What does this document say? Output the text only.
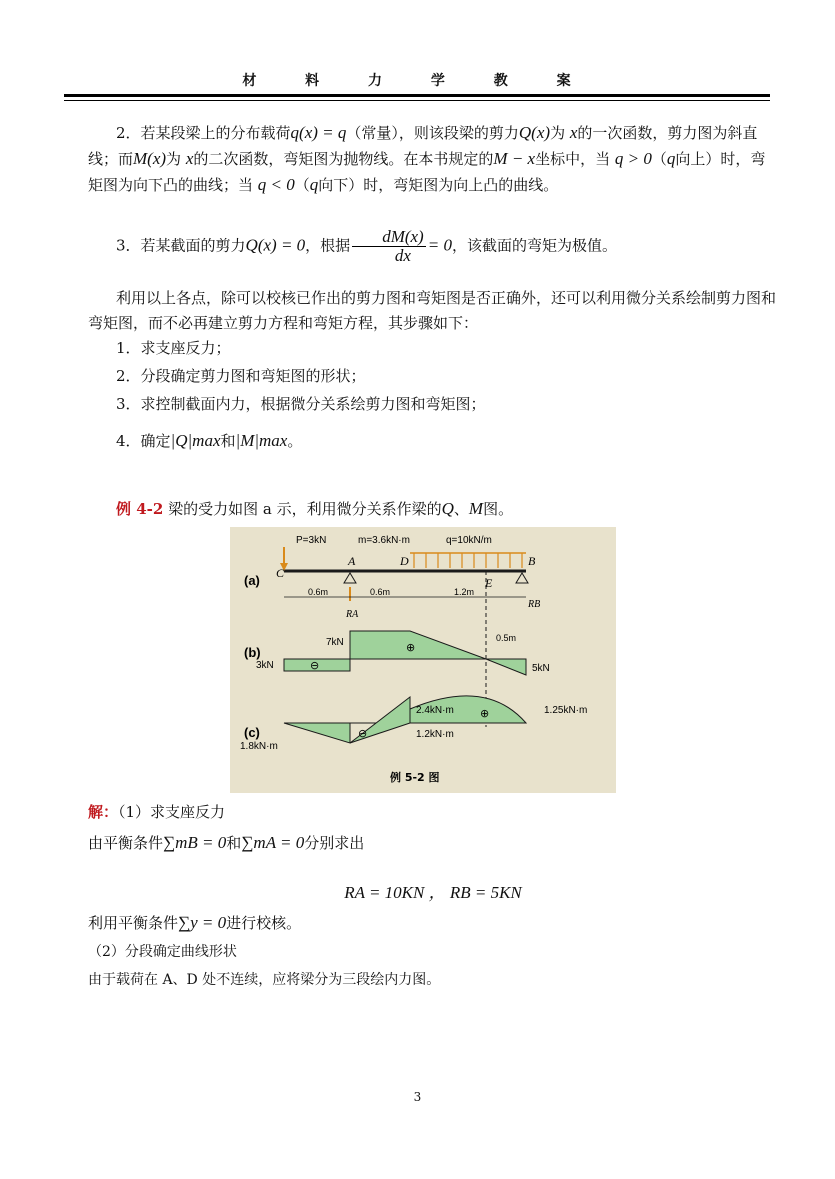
材 料 力 学 教 案
2．若某段梁上的分布载荷q(x) = q（常量），则该段梁的剪力Q(x)为 x的一次函数，剪力图为斜直线；而M(x)为 x的二次函数，弯矩图为抛物线。在本书规定的M − x坐标中，当 q > 0（q向上）时，弯矩图为向下凸的曲线；当 q < 0（q向下）时，弯矩图为向上凸的曲线。
3．若某截面的剪力Q(x) = 0，根据 $\frac{dM(x)}{dx} = 0$，该截面的弯矩为极值。
利用以上各点，除可以校核已作出的剪力图和弯矩图是否正确外，还可以利用微分关系绘制剪力图和弯矩图，而不必再建立剪力方程和弯矩方程，其步骤如下：
1．求支座反力；
2．分段确定剪力图和弯矩图的形状；
3．求控制截面内力，根据微分关系绘剪力图和弯矩图；
4．确定|Q|max和|M|max。
例 4-2 梁的受力如图 a 示，利用微分关系作梁的Q、M图。
(a)
P=3kN	m=3.6kN·m	q=10kN/m
C
A	D
E
B
RA
RB
0.6m	0.6m	1.2m
(b)
7kN
3kN	5kN
0.5m
⊕
⊖
(c)
2.4kN·m
1.2kN·m
1.8kN·m
1.25kN·m
⊕
⊖
例 5-2 图
解：（1）求支座反力
由平衡条件∑mB = 0和∑mA = 0分别求出
RA = 10KN ， RB = 5KN
利用平衡条件∑y = 0进行校核。
（2）分段确定曲线形状
由于载荷在 A、D 处不连续，应将梁分为三段绘内力图。
3
